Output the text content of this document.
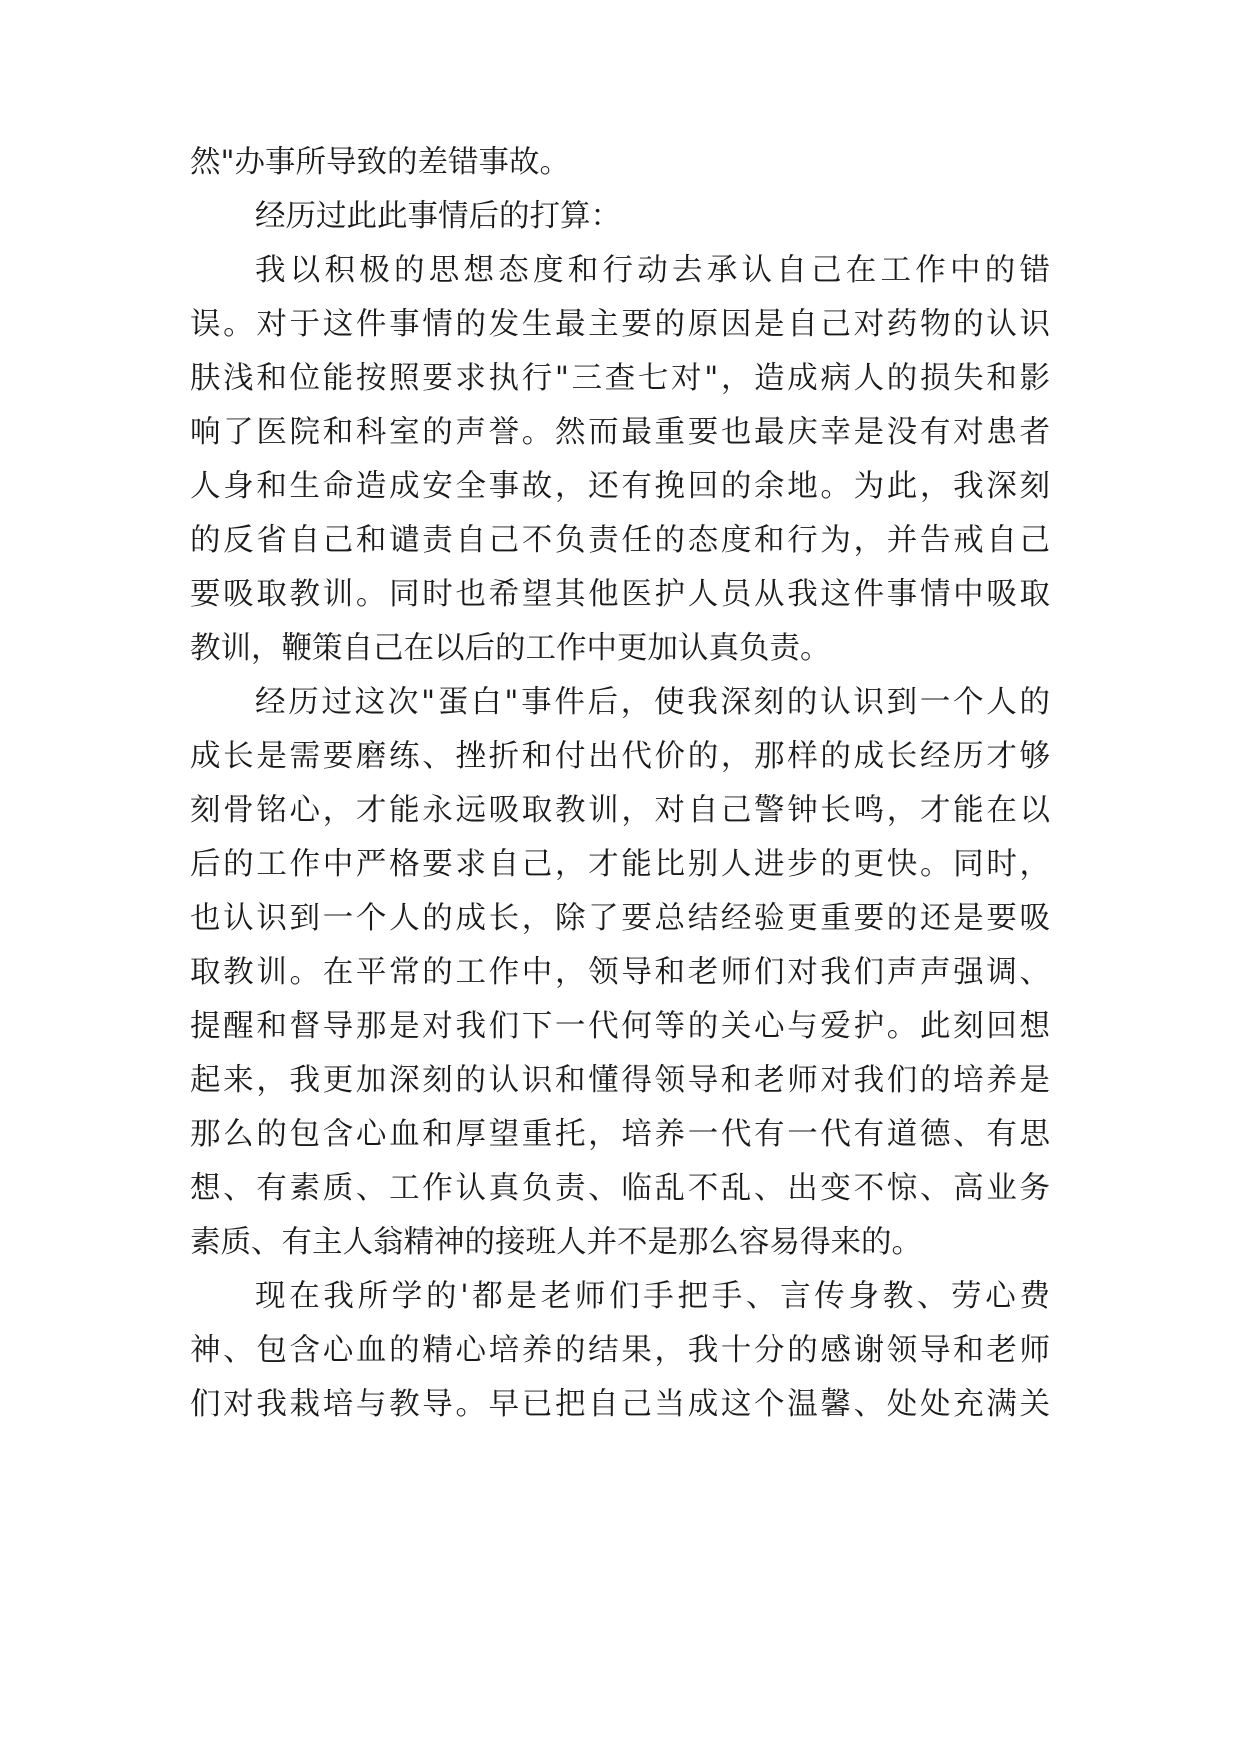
然"办事所导致的差错事故。
经历过此此事情后的打算：
我以积极的思想态度和行动去承认自己在工作中的错
误。对于这件事情的发生最主要的原因是自己对药物的认识
肤浅和位能按照要求执行"三查七对"，造成病人的损失和影
响了医院和科室的声誉。然而最重要也最庆幸是没有对患者
人身和生命造成安全事故，还有挽回的余地。为此，我深刻
的反省自己和谴责自己不负责任的态度和行为，并告戒自己
要吸取教训。同时也希望其他医护人员从我这件事情中吸取
教训，鞭策自己在以后的工作中更加认真负责。
经历过这次"蛋白"事件后，使我深刻的认识到一个人的
成长是需要磨练、挫折和付出代价的，那样的成长经历才够
刻骨铭心，才能永远吸取教训，对自己警钟长鸣，才能在以
后的工作中严格要求自己，才能比别人进步的更快。同时，
也认识到一个人的成长，除了要总结经验更重要的还是要吸
取教训。在平常的工作中，领导和老师们对我们声声强调、
提醒和督导那是对我们下一代何等的关心与爱护。此刻回想
起来，我更加深刻的认识和懂得领导和老师对我们的培养是
那么的包含心血和厚望重托，培养一代有一代有道德、有思
想、有素质、工作认真负责、临乱不乱、出变不惊、高业务
素质、有主人翁精神的接班人并不是那么容易得来的。
现在我所学的'都是老师们手把手、言传身教、劳心费
神、包含心血的精心培养的结果，我十分的感谢领导和老师
们对我栽培与教导。早已把自己当成这个温馨、处处充满关
